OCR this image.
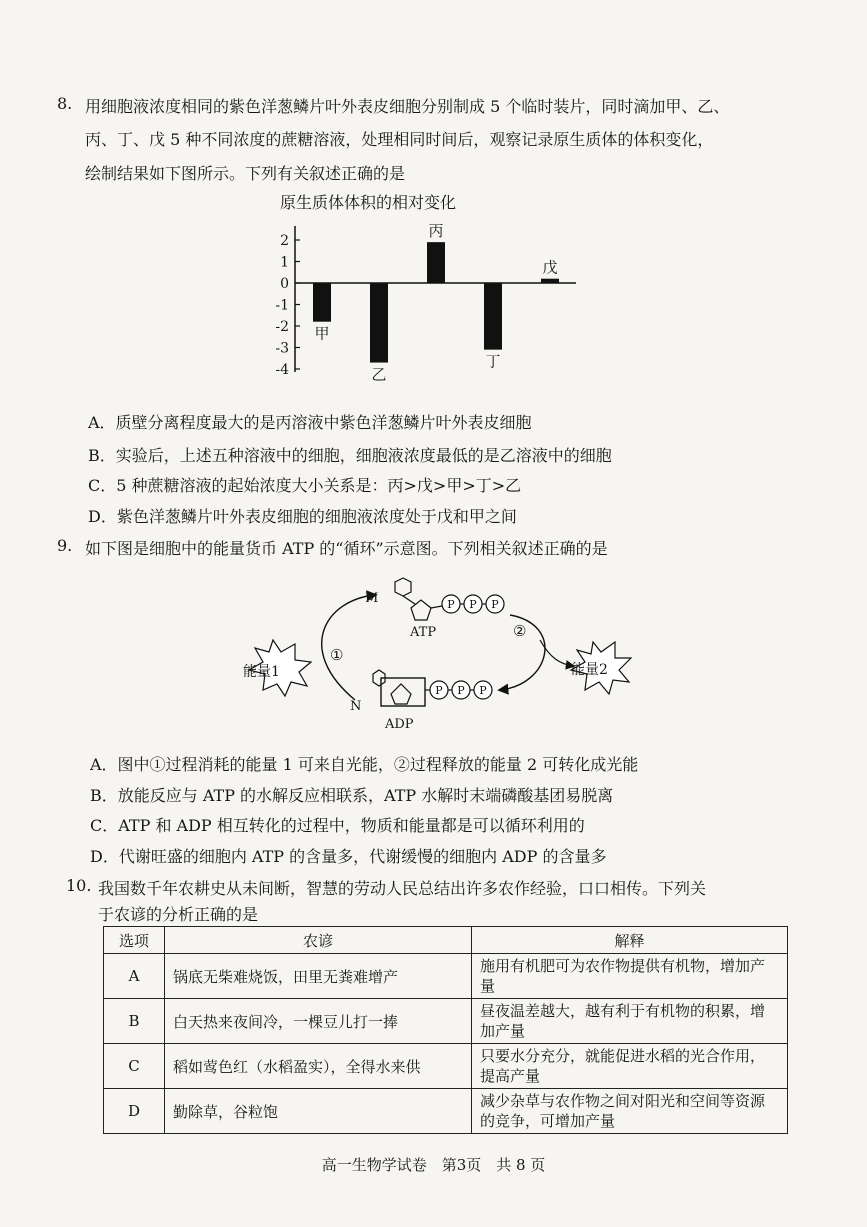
8. 用细胞液浓度相同的紫色洋葱鳞片叶外表皮细胞分别制成 5 个临时装片，同时滴加甲、乙、
丙、丁、戊 5 种不同浓度的蔗糖溶液，处理相同时间后，观察记录原生质体的体积变化，
绘制结果如下图所示。下列有关叙述正确的是
原生质体体积的相对变化
2
1
0
-1
-2
-3
-4
甲
乙
丙
丁
戊
A．质壁分离程度最大的是丙溶液中紫色洋葱鳞片叶外表皮细胞
B．实验后，上述五种溶液中的细胞，细胞液浓度最低的是乙溶液中的细胞
C．5 种蔗糖溶液的起始浓度大小关系是：丙>戊>甲>丁>乙
D．紫色洋葱鳞片叶外表皮细胞的细胞液浓度处于戊和甲之间
9. 如下图是细胞中的能量货币 ATP 的“循环”示意图。下列相关叙述正确的是
能量1	能量2
M	P P P
ATP	②
①
N
P P P
ADP
A．图中①过程消耗的能量 1 可来自光能，②过程释放的能量 2 可转化成光能
B．放能反应与 ATP 的水解反应相联系，ATP 水解时末端磷酸基团易脱离
C．ATP 和 ADP 相互转化的过程中，物质和能量都是可以循环利用的
D．代谢旺盛的细胞内 ATP 的含量多，代谢缓慢的细胞内 ADP 的含量多
10. 我国数千年农耕史从未间断，智慧的劳动人民总结出许多农作经验，口口相传。下列关
于农谚的分析正确的是
选项	农谚	解释
A	锅底无柴难烧饭，田里无粪难增产	施用有机肥可为农作物提供有机物，增加产量
B	白天热来夜间冷，一棵豆儿打一捧	昼夜温差越大，越有利于有机物的积累，增加产量
C	稻如莺色红（水稻盈实），全得水来供	只要水分充分，就能促进水稻的光合作用，提高产量
D	勤除草，谷粒饱	减少杂草与农作物之间对阳光和空间等资源的竞争，可增加产量
高一生物学试卷　第3页　共 8 页
